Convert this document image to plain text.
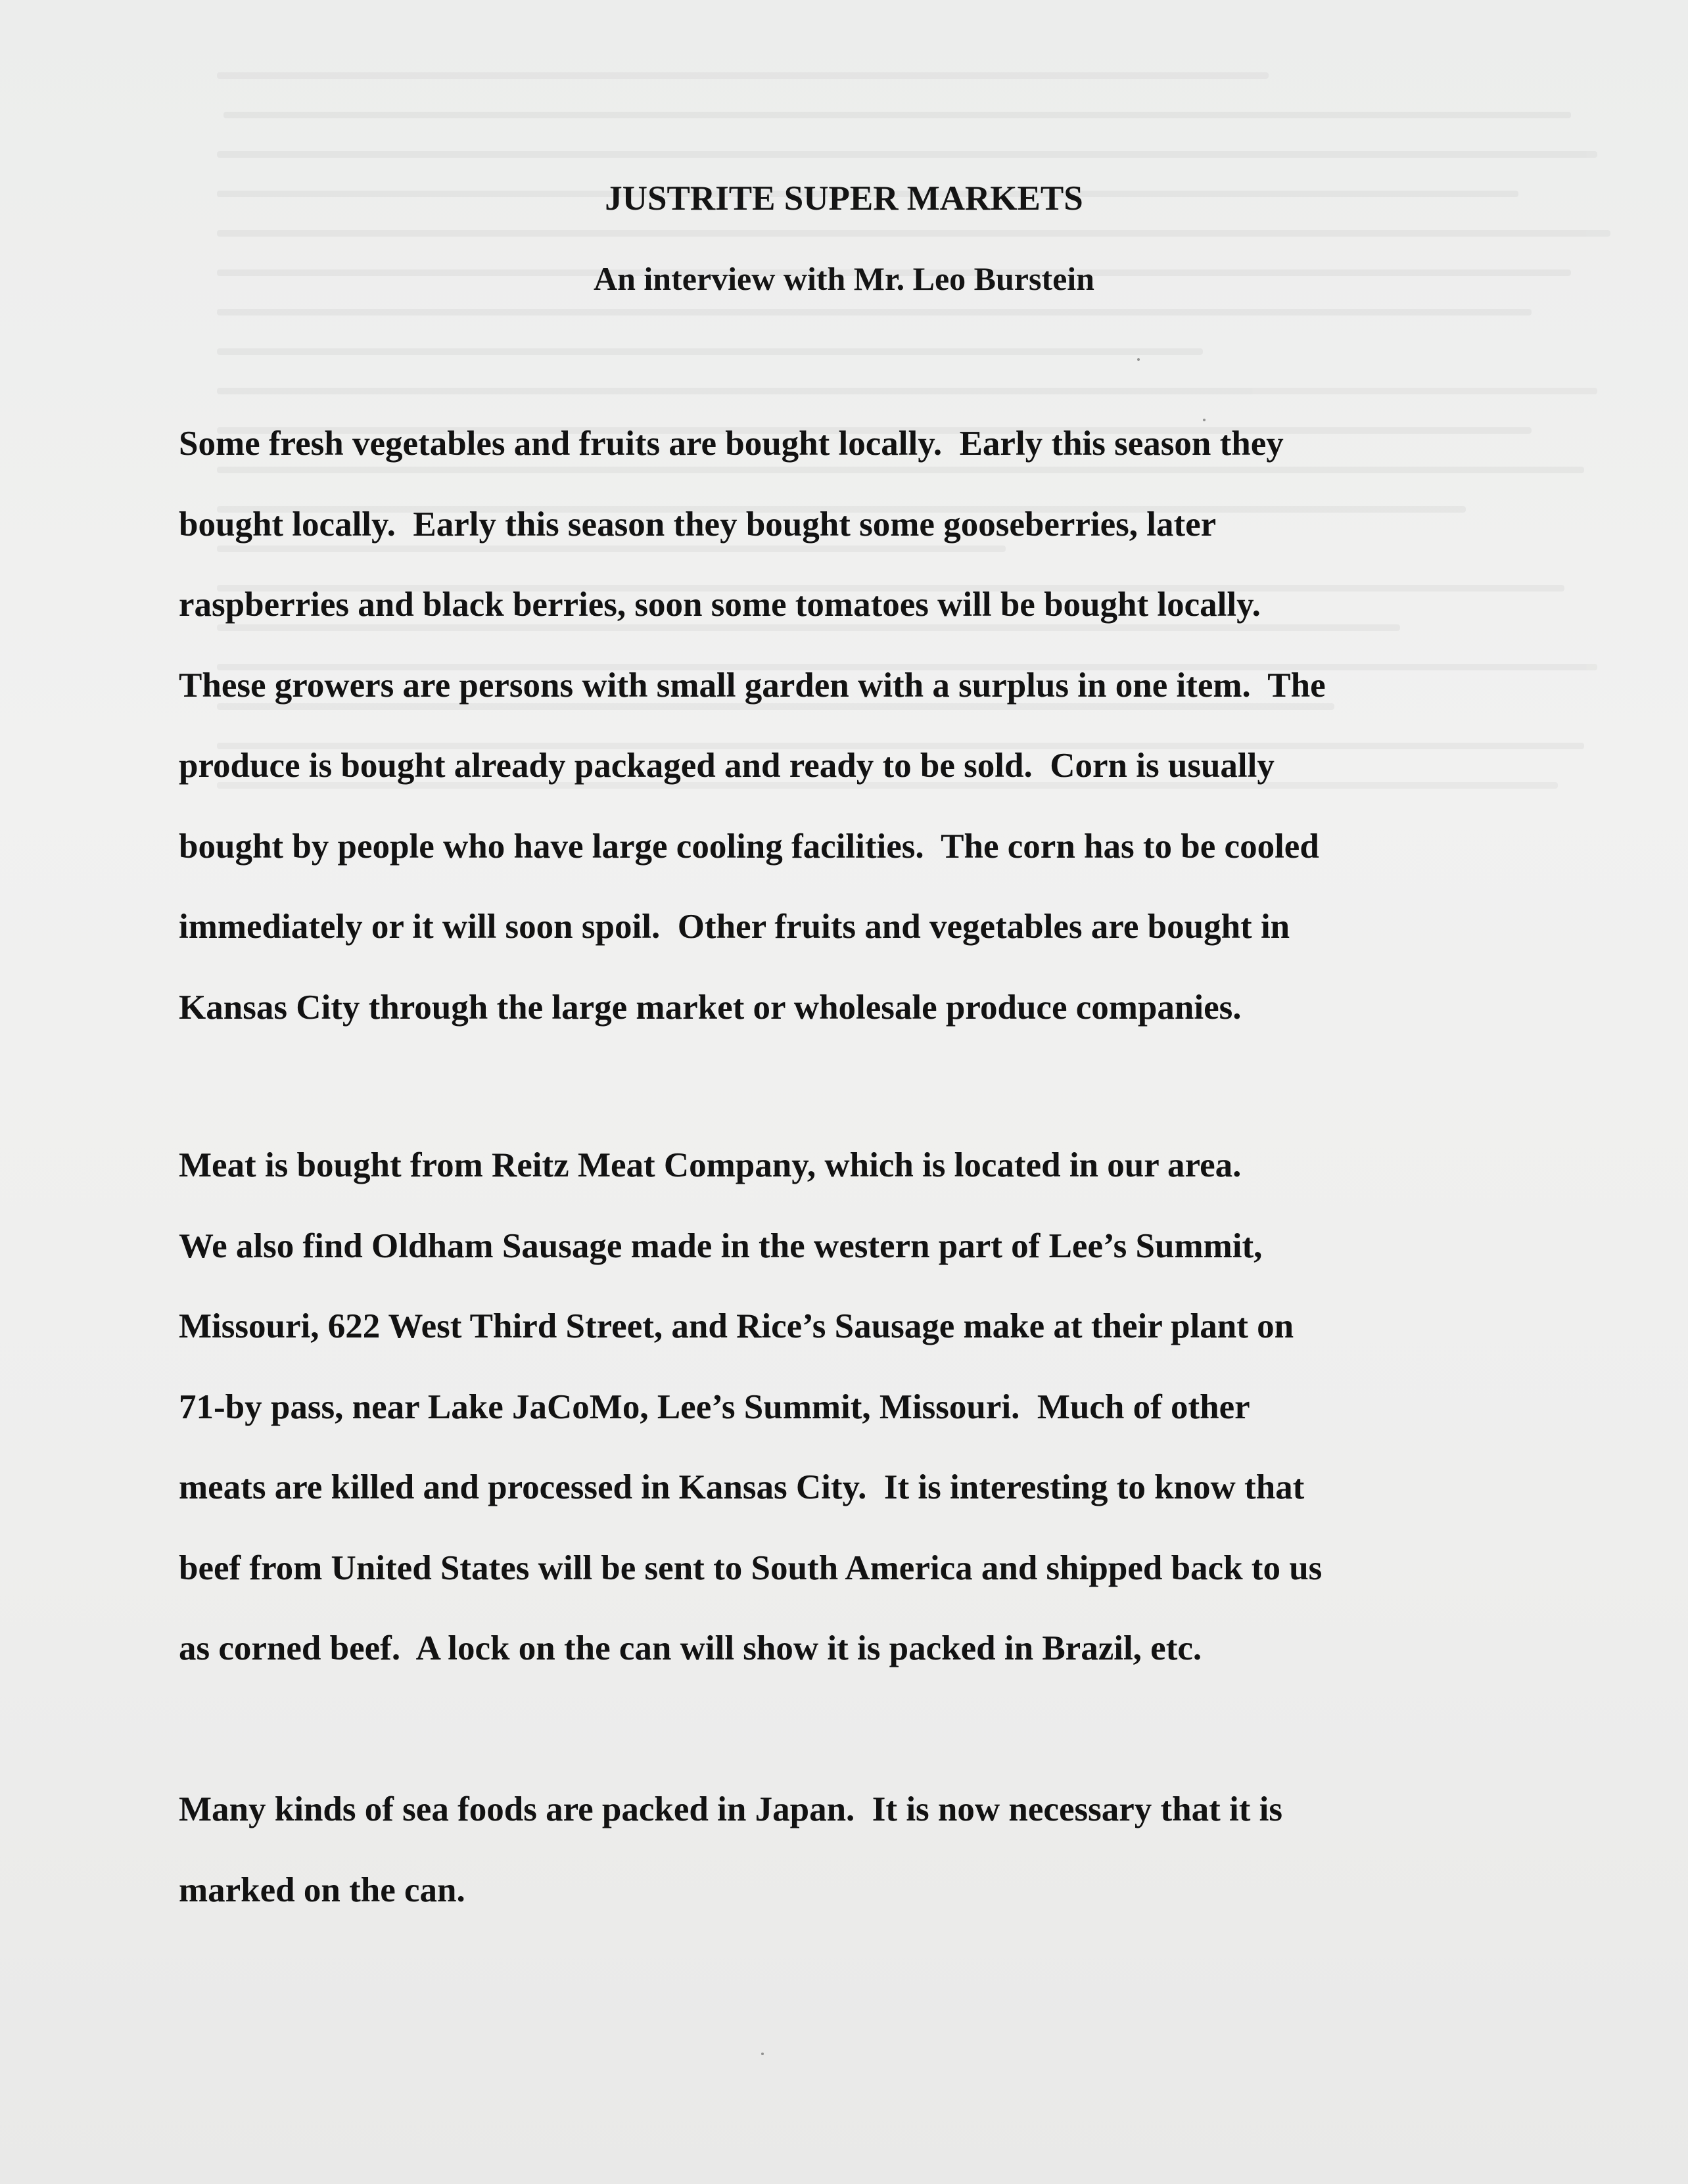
JUSTRITE SUPER MARKETS
An interview with Mr. Leo Burstein
Some fresh vegetables and fruits are bought locally.  Early this season they
bought locally.  Early this season they bought some gooseberries, later
raspberries and black berries, soon some tomatoes will be bought locally.
These growers are persons with small garden with a surplus in one item.  The
produce is bought already packaged and ready to be sold.  Corn is usually
bought by people who have large cooling facilities.  The corn has to be cooled
immediately or it will soon spoil.  Other fruits and vegetables are bought in
Kansas City through the large market or wholesale produce companies.
Meat is bought from Reitz Meat Company, which is located in our area.
We also find Oldham Sausage made in the western part of Lee’s Summit,
Missouri, 622 West Third Street, and Rice’s Sausage make at their plant on
71-by pass, near Lake JaCoMo, Lee’s Summit, Missouri.  Much of other
meats are killed and processed in Kansas City.  It is interesting to know that
beef from United States will be sent to South America and shipped back to us
as corned beef.  A lock on the can will show it is packed in Brazil, etc.
Many kinds of sea foods are packed in Japan.  It is now necessary that it is
marked on the can.
